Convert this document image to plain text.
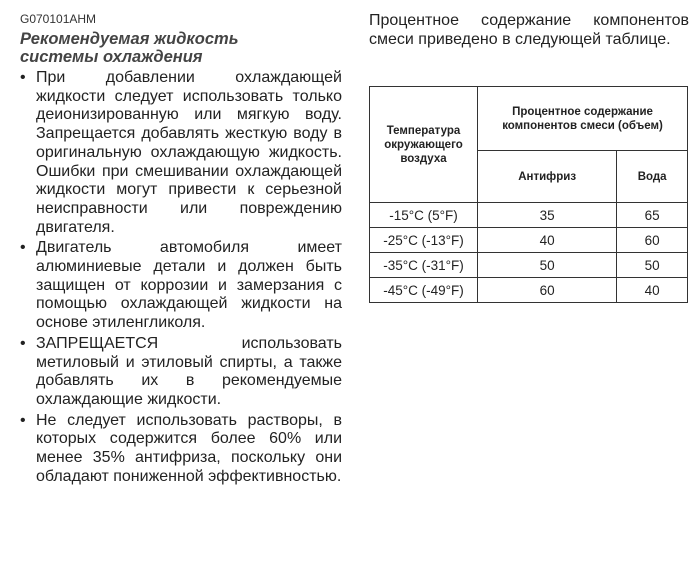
G070101AHM
Рекомендуемая жидкость
системы охлаждения
• При добавлении охлаждающей жидкости следует использовать только деионизированную или мягкую воду. Запрещается добавлять жесткую воду в оригинальную охлаждающую жидкость. Ошибки при смешивании охлаждающей жидкости могут привести к серьезной неисправности или повреждению двигателя.
• Двигатель автомобиля имеет алюминиевые детали и должен быть защищен от коррозии и замерзания с помощью охлаждающей жидкости на основе этиленгликоля.
• ЗАПРЕЩАЕТСЯ использовать метиловый и этиловый спирты, а также добавлять их в рекомендуемые охлаждающие жидкости.
• Не следует использовать растворы, в которых содержится более 60% или менее 35% антифриза, поскольку они обладают пониженной эффективностью.

Процентное содержание компонентов смеси приведено в следующей таблице.

Температура окружающего воздуха	Процентное содержание компонентов смеси (объем)	
	Антифриз	Вода
-15°C (5°F)	35	65
-25°C (-13°F)	40	60
-35°C (-31°F)	50	50
-45°C (-49°F)	60	40
